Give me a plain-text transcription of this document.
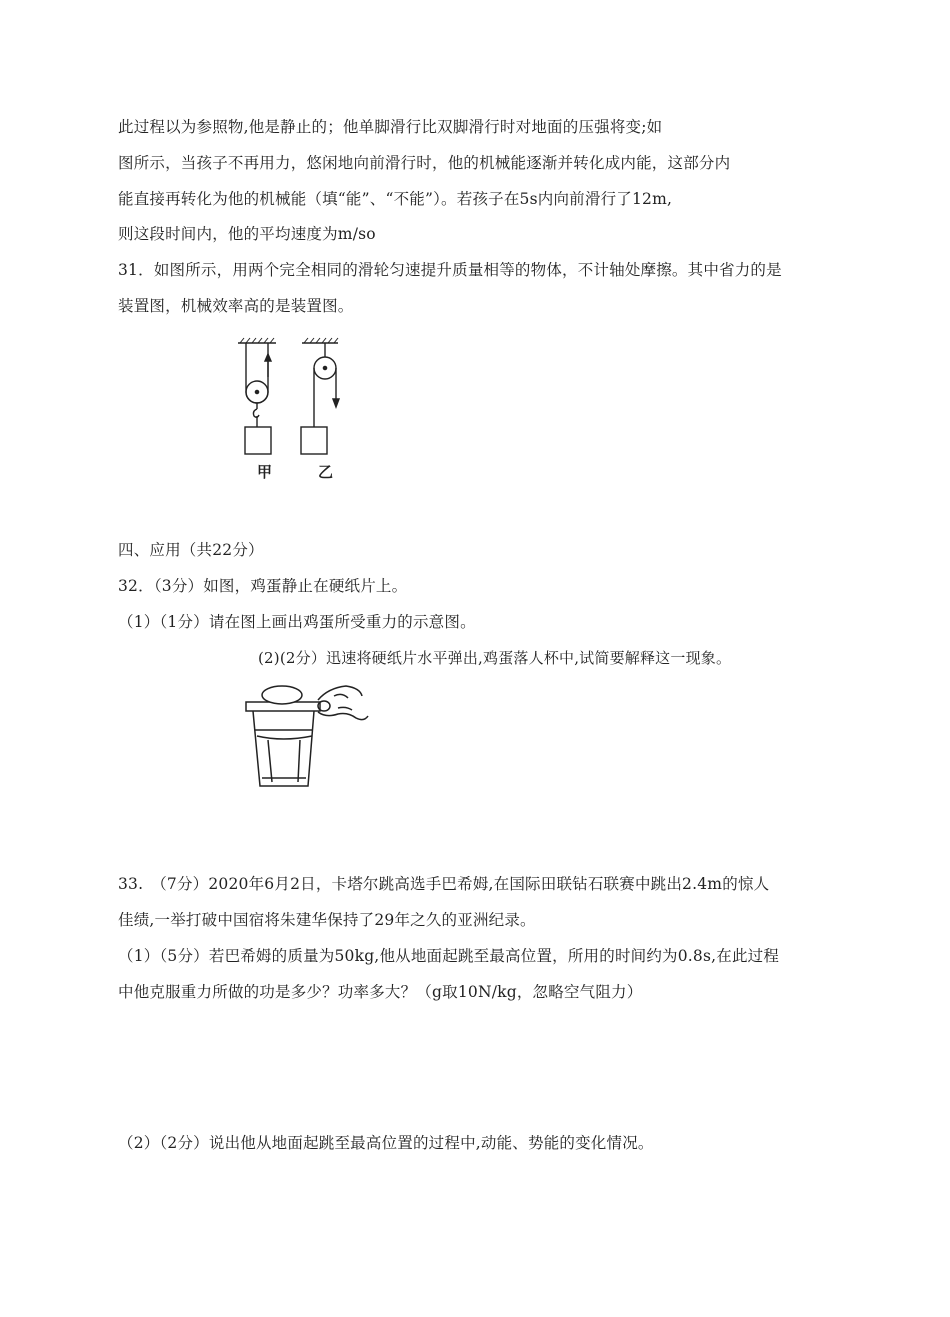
此过程以为参照物,他是静止的；他单脚滑行比双脚滑行时对地面的压强将变;如
图所示，当孩子不再用力，悠闲地向前滑行时，他的机械能逐渐并转化成内能，这部分内
能直接再转化为他的机械能（填“能”、“不能”）。若孩子在5s内向前滑行了12m,
则这段时间内，他的平均速度为m/so
31．如图所示，用两个完全相同的滑轮匀速提升质量相等的物体，不计轴处摩擦。其中省力的是
装置图，机械效率高的是装置图。
甲	乙
四、应用（共22分）
32．（3分）如图，鸡蛋静止在硬纸片上。
（1）（1分）请在图上画出鸡蛋所受重力的示意图。
(2)(2分）迅速将硬纸片水平弹出,鸡蛋落人杯中,试简要解释这一现象。
33.　（7分）2020年6月2日，卡塔尔跳高选手巴希姆,在国际田联钻石联赛中跳出2.4m的惊人
佳绩,一举打破中国宿将朱建华保持了29年之久的亚洲纪录。
（1）（5分）若巴希姆的质量为50kg,他从地面起跳至最高位置，所用的时间约为0.8s,在此过程
中他克服重力所做的功是多少？功率多大？（g取10N/kg，忽略空气阻力）
（2）（2分）说出他从地面起跳至最高位置的过程中,动能、势能的变化情况。
